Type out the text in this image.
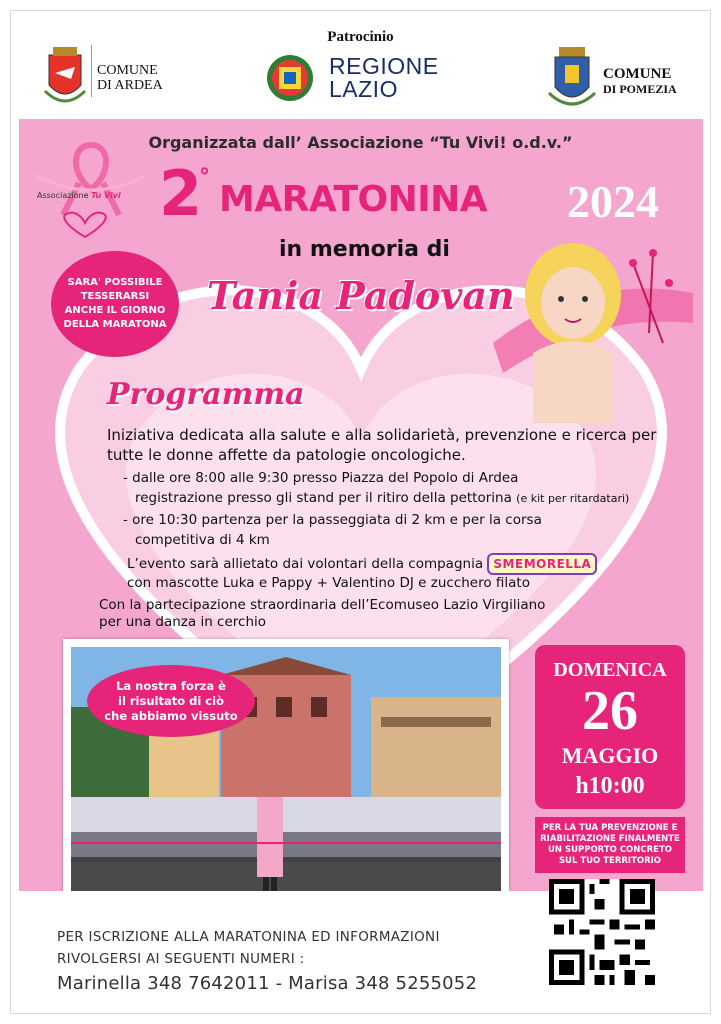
Patrocinio
COMUNE
DI ARDEA
REGIONE
LAZIO
COMUNE
DI POMEZIA
Associazione Tu Vivi
Organizzata dall’ Associazione “Tu Vivi! o.d.v.”
2
°
MARATONINA 2024
in memoria di
Tania Padovan
SARA' POSSIBILE
TESSERARSI
ANCHE IL GIORNO
DELLA MARATONA
Programma
Iniziativa dedicata alla salute e alla solidarietà, prevenzione e ricerca per tutte le donne affette da patologie oncologiche.
- dalle ore 8:00 alle 9:30 presso Piazza del Popolo di Ardea
registrazione presso gli stand per il ritiro della pettorina (e kit per ritardatari)
- ore 10:30 partenza per la passeggiata di 2 km e per la corsa
competitiva di 4 km
L’evento sarà allietato dai volontari della compagnia SMEMORELLA
con mascotte Luka e Pappy + Valentino DJ e zucchero filato
Con la partecipazione straordinaria dell’Ecomuseo Lazio Virgiliano
per una danza in cerchio
La nostra forza è
il risultato di ciò
che abbiamo vissuto
DOMENICA
26
MAGGIO
h10:00
PER LA TUA PREVENZIONE E
RIABILITAZIONE FINALMENTE
UN SUPPORTO CONCRETO
SUL TUO TERRITORIO
PER ISCRIZIONE ALLA MARATONINA ED INFORMAZIONI
RIVOLGERSI AI SEGUENTI NUMERI :
Marinella 348 7642011 - Marisa 348 5255052
